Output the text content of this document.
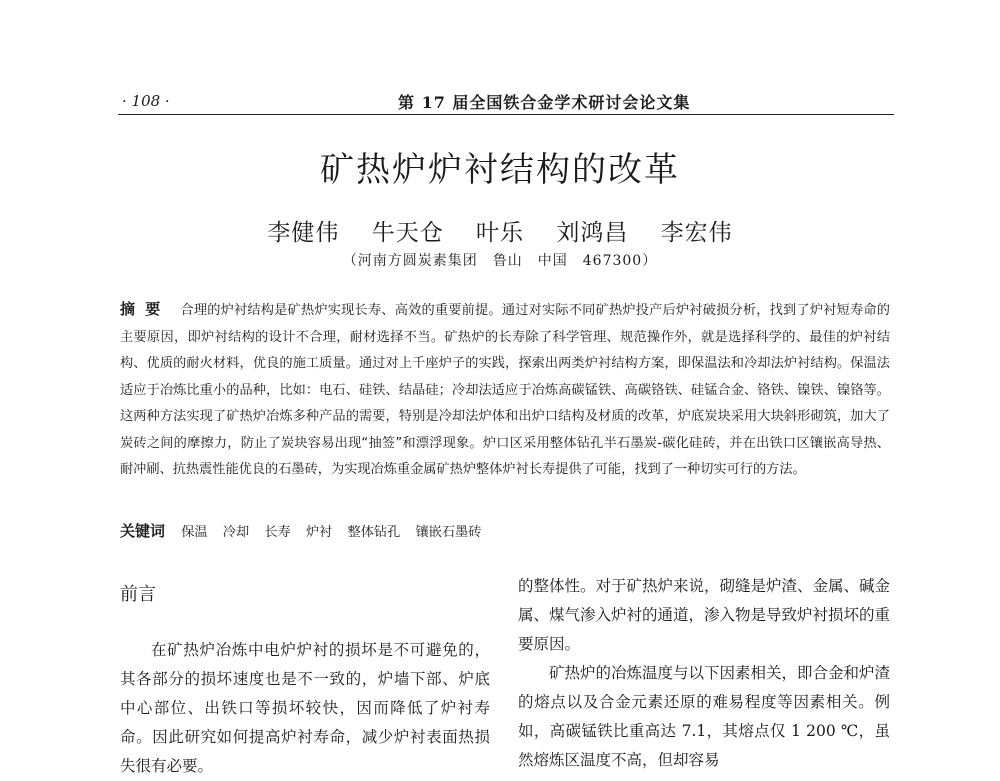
· 108 ·	第 17 届全国铁合金学术研讨会论文集
矿热炉炉衬结构的改革
李健伟 牛天仓 叶乐 刘鸿昌 李宏伟
（河南方圆炭素集团　鲁山　中国　467300）
摘要 合理的炉衬结构是矿热炉实现长寿、高效的重要前提。通过对实际不同矿热炉投产后炉衬破损分析，找到了炉衬短寿命的主要原因，即炉衬结构的设计不合理，耐材选择不当。矿热炉的长寿除了科学管理、规范操作外，就是选择科学的、最佳的炉衬结构、优质的耐火材料，优良的施工质量。通过对上千座炉子的实践，探索出两类炉衬结构方案，即保温法和冷却法炉衬结构。保温法适应于冶炼比重小的品种，比如：电石、硅铁、结晶硅；冷却法适应于冶炼高碳锰铁、高碳铬铁、硅锰合金、铬铁、镍铁、镍铬等。这两种方法实现了矿热炉冶炼多种产品的需要，特别是冷却法炉体和出炉口结构及材质的改革，炉底炭块采用大块斜形砌筑，加大了炭砖之间的摩擦力，防止了炭块容易出现“抽签”和漂浮现象。炉口区采用整体钻孔半石墨炭-碳化硅砖，并在出铁口区镶嵌高导热、耐冲刷、抗热震性能优良的石墨砖，为实现冶炼重金属矿热炉整体炉衬长寿提供了可能，找到了一种切实可行的方法。
关键词 保温 冷却 长寿 炉衬 整体钻孔 镶嵌石墨砖
前言

在矿热炉冶炼中电炉炉衬的损坏是不可避免的，其各部分的损坏速度也是不一致的，炉墙下部、炉底中心部位、出铁口等损坏较快，因而降低了炉衬寿命。因此研究如何提高炉衬寿命，减少炉衬表面热损失很有必要。

的整体性。对于矿热炉来说，砌缝是炉渣、金属、碱金属、煤气渗入炉衬的通道，渗入物是导致炉衬损坏的重要原因。

矿热炉的冶炼温度与以下因素相关，即合金和炉渣的熔点以及合金元素还原的难易程度等因素相关。例如，高碳锰铁比重高达 7.1，其熔点仅 1 200 ℃，虽然熔炼区温度不高，但却容易
